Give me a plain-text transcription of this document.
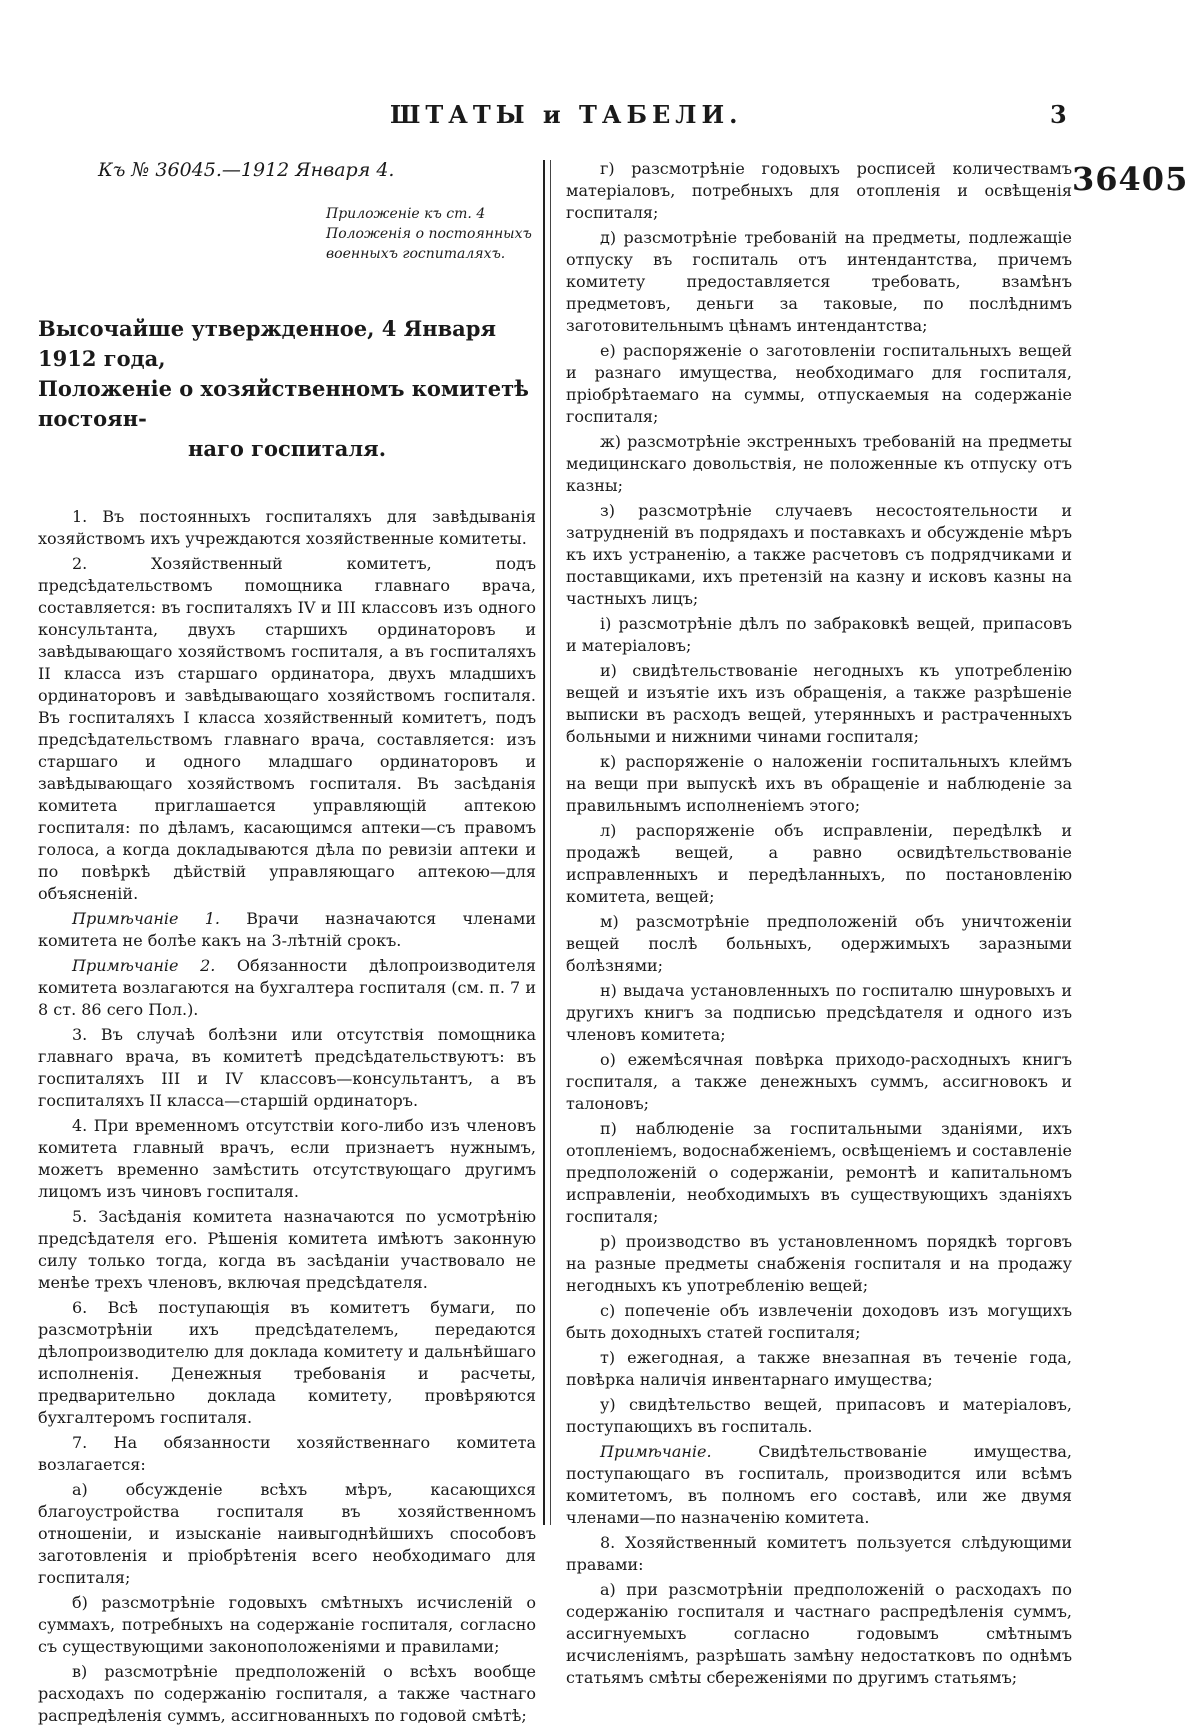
ШТАТЫ и ТАБЕЛИ.	3
36405
Къ № 36045.—1912 Января 4.
Приложеніе къ ст. 4 Положенія о постоянныхъ военныхъ госпиталяхъ.
Высочайше утвержденное, 4 Января 1912 года,
Положеніе о хозяйственномъ комитетѣ постоян-
наго госпиталя.

1. Въ постоянныхъ госпиталяхъ для завѣдыванія хозяйствомъ ихъ учреждаются хозяйственные комитеты.

2. Хозяйственный комитетъ, подъ предсѣдательствомъ помощника главнаго врача, составляется: въ госпиталяхъ IV и III классовъ изъ одного консультанта, двухъ старшихъ ординаторовъ и завѣдывающаго хозяйствомъ госпиталя, а въ госпиталяхъ II класса изъ старшаго ординатора, двухъ младшихъ ординаторовъ и завѣдывающаго хозяйствомъ госпиталя. Въ госпиталяхъ I класса хозяйственный комитетъ, подъ предсѣдательствомъ главнаго врача, составляется: изъ старшаго и одного младшаго ординаторовъ и завѣдывающаго хозяйствомъ госпиталя. Въ засѣданія комитета приглашается управляющій аптекою госпиталя: по дѣламъ, касающимся аптеки—съ правомъ голоса, а когда докладываются дѣла по ревизіи аптеки и по повѣркѣ дѣйствій управляющаго аптекою—для объясненій.

Примѣчаніе 1. Врачи назначаются членами комитета не болѣе какъ на 3-лѣтній срокъ.

Примѣчаніе 2. Обязанности дѣлопроизводителя комитета возлагаются на бухгалтера госпиталя (см. п. 7 и 8 ст. 86 сего Пол.).

3. Въ случаѣ болѣзни или отсутствія помощника главнаго врача, въ комитетѣ предсѣдательствуютъ: въ госпиталяхъ III и IV классовъ—консультантъ, а въ госпиталяхъ II класса—старшій ординаторъ.

4. При временномъ отсутствіи кого-либо изъ членовъ комитета главный врачъ, если признаетъ нужнымъ, можетъ временно замѣстить отсутствующаго другимъ лицомъ изъ чиновъ госпиталя.

5. Засѣданія комитета назначаются по усмотрѣнію предсѣдателя его. Рѣшенія комитета имѣютъ законную силу только тогда, когда въ засѣданіи участвовало не менѣе трехъ членовъ, включая предсѣдателя.

6. Всѣ поступающія въ комитетъ бумаги, по разсмотрѣніи ихъ предсѣдателемъ, передаются дѣлопроизводителю для доклада комитету и дальнѣйшаго исполненія. Денежныя требованія и расчеты, предварительно доклада комитету, провѣряются бухгалтеромъ госпиталя.

7. На обязанности хозяйственнаго комитета возлагается:

а) обсужденіе всѣхъ мѣръ, касающихся благоустройства госпиталя въ хозяйственномъ отношеніи, и изысканіе наивыгоднѣйшихъ способовъ заготовленія и пріобрѣтенія всего необходимаго для госпиталя;

б) разсмотрѣніе годовыхъ смѣтныхъ исчисленій о суммахъ, потребныхъ на содержаніе госпиталя, согласно съ существующими законоположеніями и правилами;

в) разсмотрѣніе предположеній о всѣхъ вообще расходахъ по содержанію госпиталя, а также частнаго распредѣленія суммъ, ассигнованныхъ по годовой смѣтѣ;

г) разсмотрѣніе годовыхъ росписей количествамъ матеріаловъ, потребныхъ для отопленія и освѣщенія госпиталя;

д) разсмотрѣніе требованій на предметы, подлежащіе отпуску въ госпиталь отъ интендантства, причемъ комитету предоставляется требовать, взамѣнъ предметовъ, деньги за таковые, по послѣднимъ заготовительнымъ цѣнамъ интендантства;

е) распоряженіе о заготовленіи госпитальныхъ вещей и разнаго имущества, необходимаго для госпиталя, пріобрѣтаемаго на суммы, отпускаемыя на содержаніе госпиталя;

ж) разсмотрѣніе экстренныхъ требованій на предметы медицинскаго довольствія, не положенные къ отпуску отъ казны;

з) разсмотрѣніе случаевъ несостоятельности и затрудненій въ подрядахъ и поставкахъ и обсужденіе мѣръ къ ихъ устраненію, а также расчетовъ съ подрядчиками и поставщиками, ихъ претензій на казну и исковъ казны на частныхъ лицъ;

і) разсмотрѣніе дѣлъ по забраковкѣ вещей, припасовъ и матеріаловъ;

и) свидѣтельствованіе негодныхъ къ употребленію вещей и изъятіе ихъ изъ обращенія, а также разрѣшеніе выписки въ расходъ вещей, утерянныхъ и растраченныхъ больными и нижними чинами госпиталя;

к) распоряженіе о наложеніи госпитальныхъ клеймъ на вещи при выпускѣ ихъ въ обращеніе и наблюденіе за правильнымъ исполненіемъ этого;

л) распоряженіе объ исправленіи, передѣлкѣ и продажѣ вещей, а равно освидѣтельствованіе исправленныхъ и передѣланныхъ, по постановленію комитета, вещей;

м) разсмотрѣніе предположеній объ уничтоженіи вещей послѣ больныхъ, одержимыхъ заразными болѣзнями;

н) выдача установленныхъ по госпиталю шнуровыхъ и другихъ книгъ за подписью предсѣдателя и одного изъ членовъ комитета;

о) ежемѣсячная повѣрка приходо-расходныхъ книгъ госпиталя, а также денежныхъ суммъ, ассигновокъ и талоновъ;

п) наблюденіе за госпитальными зданіями, ихъ отопленіемъ, водоснабженіемъ, освѣщеніемъ и составленіе предположеній о содержаніи, ремонтѣ и капитальномъ исправленіи, необходимыхъ въ существующихъ зданіяхъ госпиталя;

р) производство въ установленномъ порядкѣ торговъ на разные предметы снабженія госпиталя и на продажу негодныхъ къ употребленію вещей;

с) попеченіе объ извлеченіи доходовъ изъ могущихъ быть доходныхъ статей госпиталя;

т) ежегодная, а также внезапная въ теченіе года, повѣрка наличія инвентарнаго имущества;

у) свидѣтельство вещей, припасовъ и матеріаловъ, поступающихъ въ госпиталь.

Примѣчаніе. Свидѣтельствованіе имущества, поступающаго въ госпиталь, производится или всѣмъ комитетомъ, въ полномъ его составѣ, или же двумя членами—по назначенію комитета.

8. Хозяйственный комитетъ пользуется слѣдующими правами:

а) при разсмотрѣніи предположеній о расходахъ по содержанію госпиталя и частнаго распредѣленія суммъ, ассигнуемыхъ согласно годовымъ смѣтнымъ исчисленіямъ, разрѣшать замѣну недостатковъ по однѣмъ статьямъ смѣты сбереженіями по другимъ статьямъ;
